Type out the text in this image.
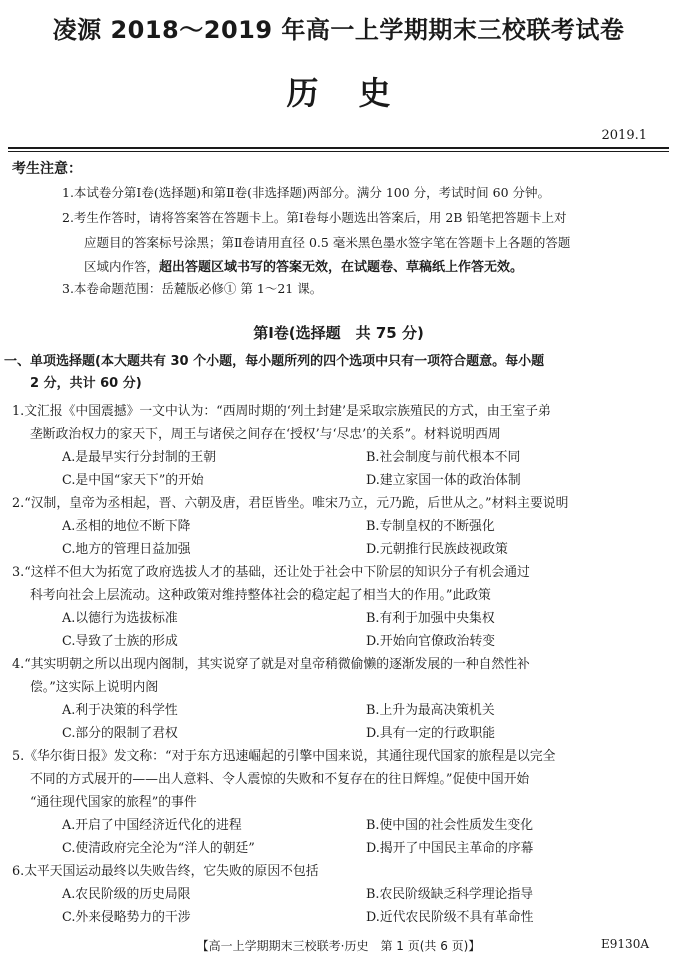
凌源 2018～2019 年高一上学期期末三校联考试卷
历史
2019.1
考生注意：
1.本试卷分第Ⅰ卷(选择题)和第Ⅱ卷(非选择题)两部分。满分 100 分，考试时间 60 分钟。
2.考生作答时，请将答案答在答题卡上。第Ⅰ卷每小题选出答案后，用 2B 铅笔把答题卡上对
应题目的答案标号涂黑；第Ⅱ卷请用直径 0.5 毫米黑色墨水签字笔在答题卡上各题的答题
区域内作答，超出答题区域书写的答案无效，在试题卷、草稿纸上作答无效。
3.本卷命题范围：岳麓版必修① 第 1～21 课。
第Ⅰ卷(选择题　共 75 分)
一、单项选择题(本大题共有 30 个小题，每小题所列的四个选项中只有一项符合题意。每小题
2 分，共计 60 分)
1.文汇报《中国震撼》一文中认为：“西周时期的‘列土封建’是采取宗族殖民的方式，由王室子弟
垄断政治权力的家天下，周王与诸侯之间存在‘授权’与‘尽忠’的关系”。材料说明西周
A.是最早实行分封制的王朝	B.社会制度与前代根本不同
C.是中国“家天下”的开始	D.建立家国一体的政治体制
2.“汉制，皇帝为丞相起，晋、六朝及唐，君臣皆坐。唯宋乃立，元乃跪，后世从之。”材料主要说明
A.丞相的地位不断下降	B.专制皇权的不断强化
C.地方的管理日益加强	D.元朝推行民族歧视政策
3.“这样不但大为拓宽了政府选拔人才的基础，还让处于社会中下阶层的知识分子有机会通过
科考向社会上层流动。这种政策对维持整体社会的稳定起了相当大的作用。”此政策
A.以德行为选拔标准	B.有利于加强中央集权
C.导致了士族的形成	D.开始向官僚政治转变
4.“其实明朝之所以出现内阁制，其实说穿了就是对皇帝稍微偷懒的逐渐发展的一种自然性补
偿。”这实际上说明内阁
A.利于决策的科学性	B.上升为最高决策机关
C.部分的限制了君权	D.具有一定的行政职能
5.《华尔街日报》发文称：“对于东方迅速崛起的引擎中国来说，其通往现代国家的旅程是以完全
不同的方式展开的——出人意料、令人震惊的失败和不复存在的往日辉煌。”促使中国开始
“通往现代国家的旅程”的事件
A.开启了中国经济近代化的进程	B.使中国的社会性质发生变化
C.使清政府完全沦为“洋人的朝廷”	D.揭开了中国民主革命的序幕
6.太平天国运动最终以失败告终，它失败的原因不包括
A.农民阶级的历史局限	B.农民阶级缺乏科学理论指导
C.外来侵略势力的干涉	D.近代农民阶级不具有革命性
【高一上学期期末三校联考·历史　第 1 页(共 6 页)】	E9130A
